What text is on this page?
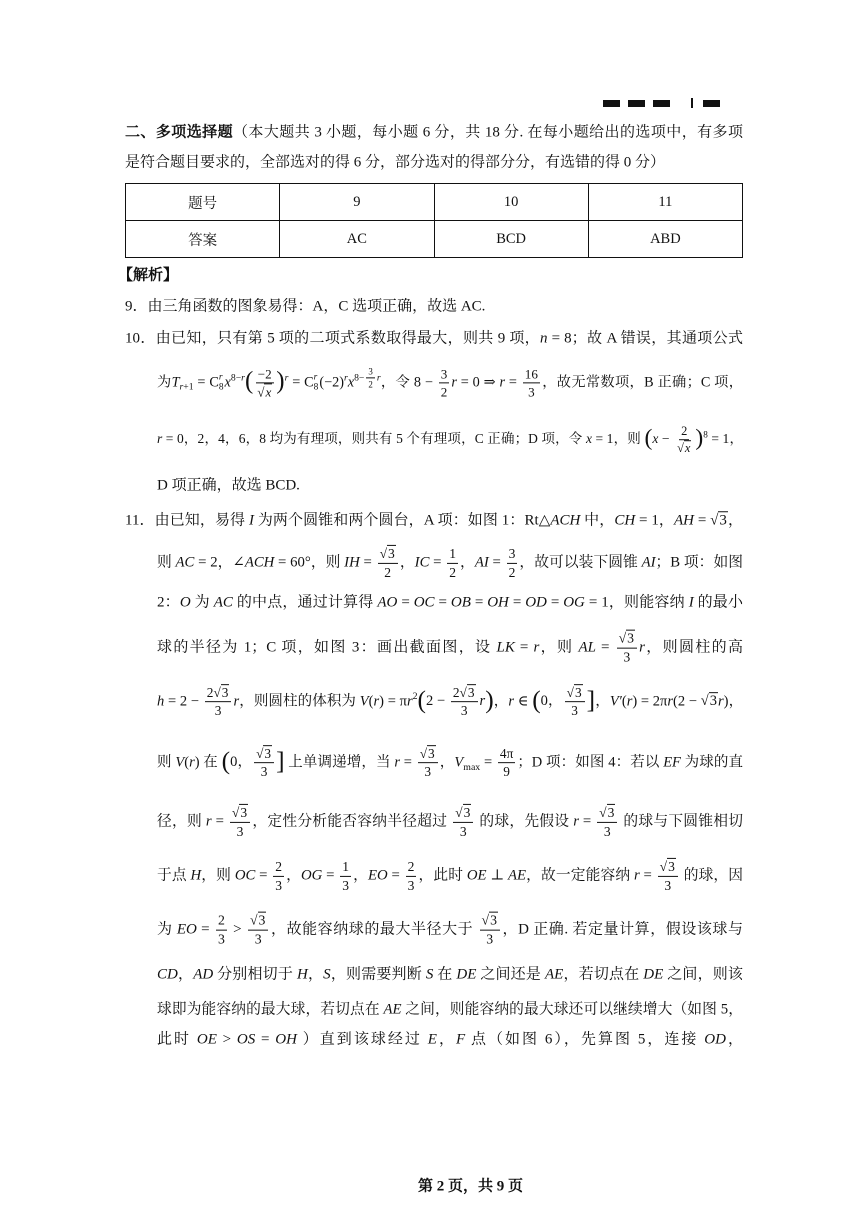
二、多项选择题（本大题共 3 小题，每小题 6 分，共 18 分. 在每小题给出的选项中，有多项
是符合题目要求的，全部选对的得 6 分，部分选对的得部分分，有选错的得 0 分）
题号	9	10	11
答案	AC	BCD	ABD
【解析】
第 2 页，共 9 页
9．由三角函数的图象易得：A，C 选项正确，故选 AC.
10．由已知，只有第 5 项的二项式系数取得最大，则共 9 项，n = 8；故 A 错误，其通项公式
为$T_{r+1} = C$ r
8 $x^{8-r}( -2$
√ x )$^r$ = C r
8 $(-2)^rx^{8- \frac{3}{2} r}$，令 $8 - \frac{3}{2}$ r = 0 ⇒ $r = \frac{16}{3}$ ，故无常数项，B 正确；C 项，
r = 0，2，4，6，8 均为有理项，则共有 5 个有理项，C 正确；D 项，令 x = 1，则 (x − 2
√ x )$^8$ = 1，
D 项正确，故选 BCD.
11．由已知，易得 I 为两个圆锥和两个圆台，A 项：如图 1：Rt△ACH 中，CH = 1，AH = √ 3，
则 AC = 2，∠ACH = 60°，则 IH = √ $\frac{3}{2}$ ，IC = $\frac{1}{2}$ ，AI = $\frac{3}{2}$ ，故可以装下圆锥 AI；B 项：如图
2：O 为 AC 的中点，通过计算得 AO = OC = OB = OH = OD = OG = 1，则能容纳 I 的最小
球的半径为 1；C 项，如图 3：画出截面图，设 LK = r，则 AL = √ $\frac{3}{3}$ r，则圆柱的高
$h = 2 - \frac{2 √ 3}{3}$ r，则圆柱的体积为 $V(r) = \pi r^2(2 - \frac{2 √ 3}{3} r)$，r ∈ (0， √ $\frac{3}{3}$ ]，V′(r) = 2πr(2 − √ 3r)，
则 V(r) 在 (0， √ $\frac{3}{3}$ ] 上单调递增，当 r = √ $\frac{3}{3}$ ，$V_{max} = \frac{4\pi}{9}$ ；D 项：如图 4：若以 EF 为球的直
径，则 r = √ $\frac{3}{3}$ ，定性分析能否容纳半径超过 √ $\frac{3}{3}$ 的球，先假设 r = √ $\frac{3}{3}$ 的球与下圆锥相切
于点 H，则 OC = $\frac{2}{3}$ ，OG = $\frac{1}{3}$ ，EO = $\frac{2}{3}$ ，此时 OE ⊥ AE，故一定能容纳 r = √ $\frac{3}{3}$ 的球，因
为 EO = $\frac{2}{3}$ > √ $\frac{3}{3}$ ，故能容纳球的最大半径大于 √ $\frac{3}{3}$ ，D 正确. 若定量计算，假设该球与
CD，AD 分别相切于 H，S，则需要判断 S 在 DE 之间还是 AE，若切点在 DE 之间，则该
球即为能容纳的最大球，若切点在 AE 之间，则能容纳的最大球还可以继续增大（如图 5，
此时 OE > OS = OH ）直到该球经过 E，F 点（如图 6），先算图 5，连接 OD，
